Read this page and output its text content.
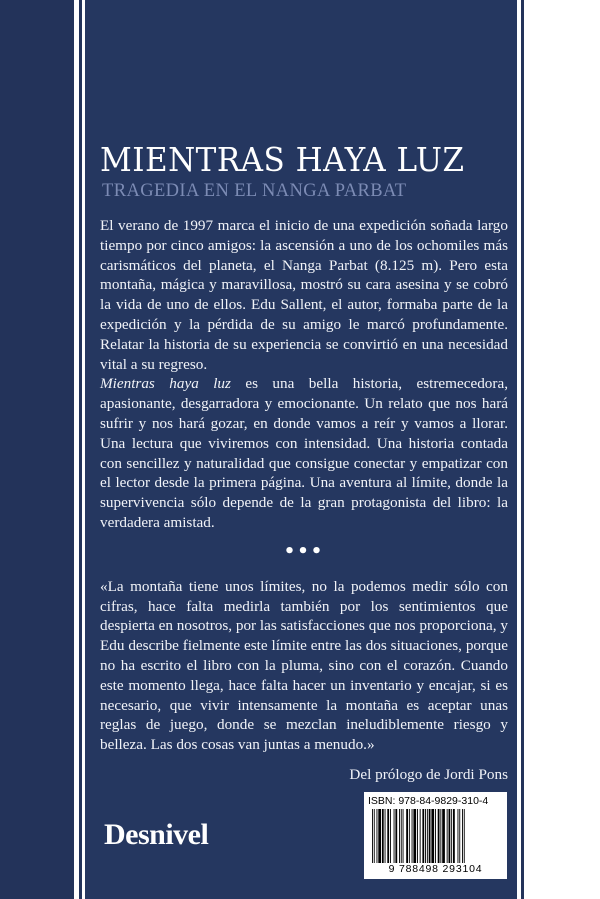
MIENTRAS HAYA LUZ
TRAGEDIA EN EL NANGA PARBAT

El verano de 1997 marca el inicio de una expedición soñada largo tiempo por cinco amigos: la ascensión a uno de los ochomiles más carismáticos del planeta, el Nanga Parbat (8.125 m). Pero esta montaña, mágica y maravillosa, mostró su cara asesina y se cobró la vida de uno de ellos. Edu Sallent, el autor, formaba parte de la expedición y la pérdida de su amigo le marcó profundamente. Relatar la historia de su experiencia se convirtió en una necesidad vital a su regreso.

Mientras haya luz es una bella historia, estremecedora, apasionante, desgarradora y emocionante. Un relato que nos hará sufrir y nos hará gozar, en donde vamos a reír y vamos a llorar. Una lectura que viviremos con intensidad. Una historia contada con sencillez y naturalidad que consigue conectar y empatizar con el lector desde la primera página. Una aventura al límite, donde la supervivencia sólo depende de la gran protagonista del libro: la verdadera amistad.

•••

«La montaña tiene unos límites, no la podemos medir sólo con cifras, hace falta medirla también por los sentimientos que despierta en nosotros, por las satisfacciones que nos proporciona, y Edu describe fielmente este límite entre las dos situaciones, porque no ha escrito el libro con la pluma, sino con el corazón. Cuando este momento llega, hace falta hacer un inventario y encajar, si es necesario, que vivir intensamente la montaña es aceptar unas reglas de juego, donde se mezclan ineludiblemente riesgo y belleza. Las dos cosas van juntas a menudo.»

Del prólogo de Jordi Pons

Desnivel
ISBN: 978-84-9829-310-4
9 788498 293104
